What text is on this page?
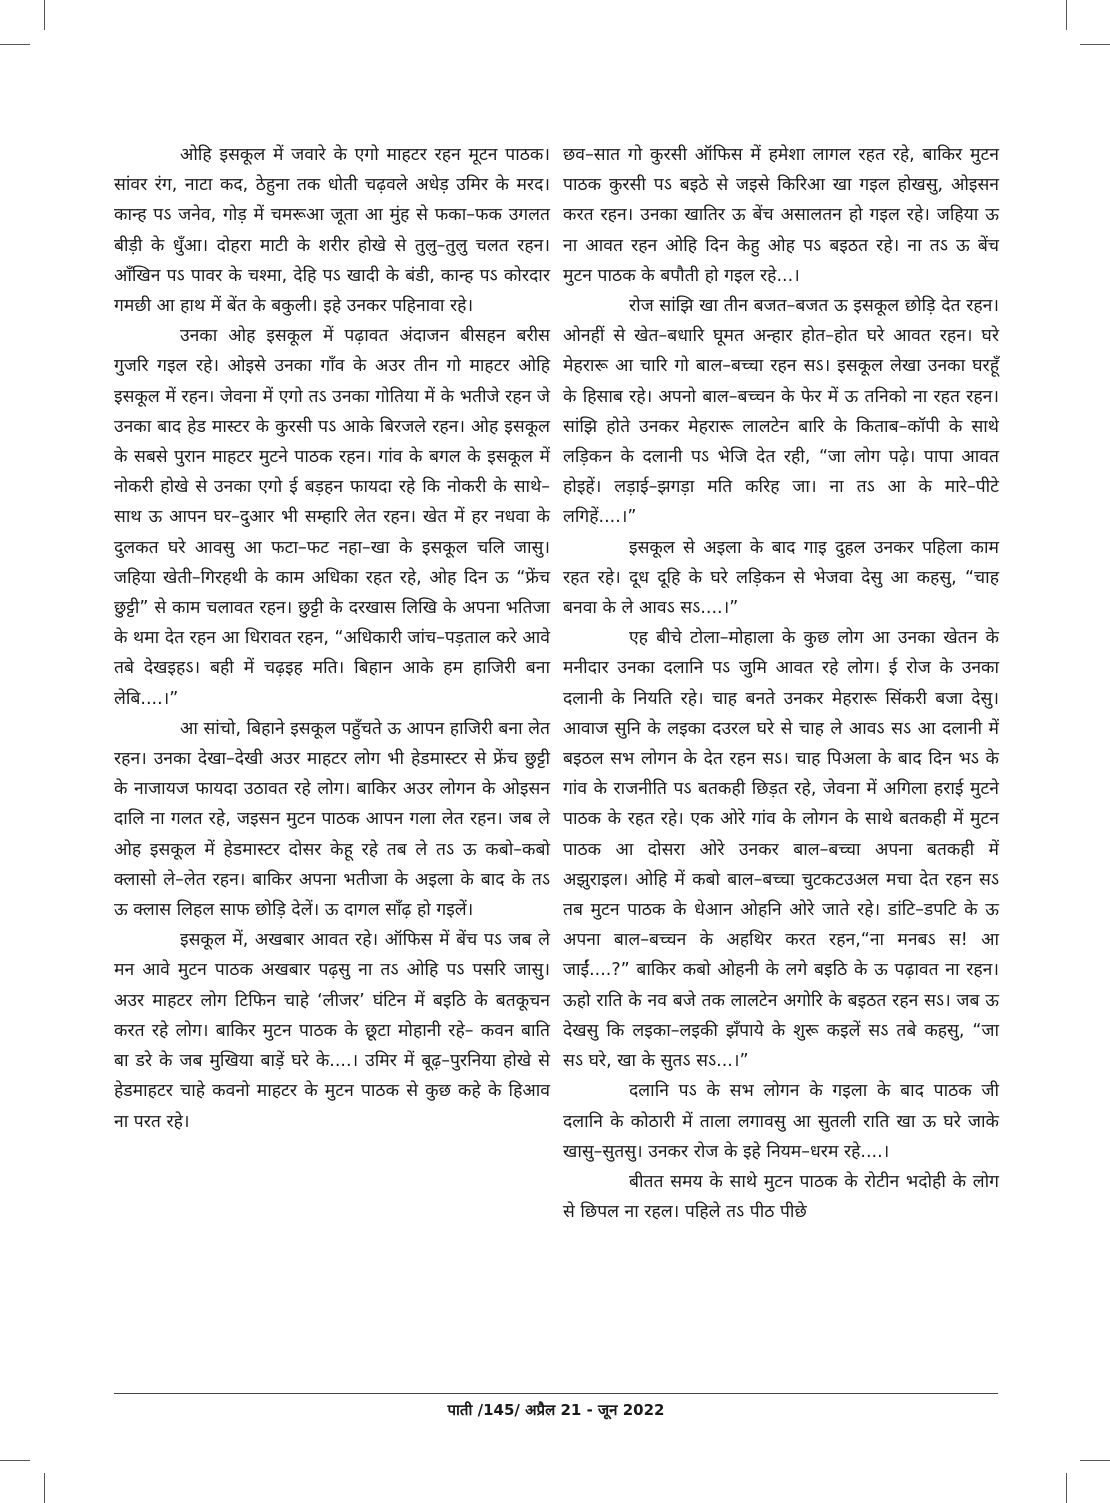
ओहि इसकूल में जवारे के एगो माहटर रहन मूटन पाठक। सांवर रंग, नाटा कद, ठेहुना तक धोती चढ़वले अधेड़ उमिर के मरद। कान्ह पऽ जनेव, गोड़ में चमरूआ जूता आ मुंह से फका–फक उगलत बीड़ी के धुँआ। दोहरा माटी के शरीर होखे से तुलु–तुलु चलत रहन। आँखिन पऽ पावर के चश्मा, देहि पऽ खादी के बंडी, कान्ह पऽ कोरदार गमछी आ हाथ में बेंत के बकुली। इहे उनकर पहिनावा रहे।

उनका ओह इसकूल में पढ़ावत अंदाजन बीसहन बरीस गुजरि गइल रहे। ओइसे उनका गाँव के अउर तीन गो माहटर ओहि इसकूल में रहन। जेवना में एगो तऽ उनका गोतिया में के भतीजे रहन जे उनका बाद हेड मास्टर के कुरसी पऽ आके बिरजले रहन। ओह इसकूल के सबसे पुरान माहटर मुटने पाठक रहन। गांव के बगल के इसकूल में नोकरी होखे से उनका एगो ई बड़हन फायदा रहे कि नोकरी के साथे–साथ ऊ आपन घर–दुआर भी सम्हारि लेत रहन। खेत में हर नधवा के दुलकत घरे आवसु आ फटा–फट नहा–खा के इसकूल चलि जासु। जहिया खेती–गिरहथी के काम अधिका रहत रहे, ओह दिन ऊ “फ्रेंच छुट्टी” से काम चलावत रहन। छुट्टी के दरखास लिखि के अपना भतिजा के थमा देत रहन आ धिरावत रहन, “अधिकारी जांच–पड़ताल करे आवे तबे देखइहऽ। बही में चढ़इह मति। बिहान आके हम हाजिरी बना लेबि....।”

आ सांचो, बिहाने इसकूल पहुँचते ऊ आपन हाजिरी बना लेत रहन। उनका देखा–देखी अउर माहटर लोग भी हेडमास्टर से फ्रेंच छुट्टी के नाजायज फायदा उठावत रहे लोग। बाकिर अउर लोगन के ओइसन दालि ना गलत रहे, जइसन मुटन पाठक आपन गला लेत रहन। जब ले ओह इसकूल में हेडमास्टर दोसर केहू रहे तब ले तऽ ऊ कबो–कबो क्लासो ले–लेत रहन। बाकिर अपना भतीजा के अइला के बाद के तऽ ऊ क्लास लिहल साफ छोड़ि देलें। ऊ दागल साँढ़ हो गइलें।

इसकूल में, अखबार आवत रहे। ऑफिस में बेंच पऽ जब ले मन आवे मुटन पाठक अखबार पढ़सु ना तऽ ओहि पऽ पसरि जासु। अउर माहटर लोग टिफिन चाहे ‘लीजर’ घंटिन में बइठि के बतकूचन करत रहे लोग। बाकिर मुटन पाठक के छूटा मोहानी रहे– कवन बाति बा डरे के जब मुखिया बाड़ें घरे के....। उमिर में बूढ़–पुरनिया होखे से हेडमाहटर चाहे कवनो माहटर के मुटन पाठक से कुछ कहे के हिआव ना परत रहे।

छव–सात गो कुरसी ऑफिस में हमेशा लागल रहत रहे, बाकिर मुटन पाठक कुरसी पऽ बइठे से जइसे किरिआ खा गइल होखसु, ओइसन करत रहन। उनका खातिर ऊ बेंच असालतन हो गइल रहे। जहिया ऊ ना आवत रहन ओहि दिन केहु ओह पऽ बइठत रहे। ना तऽ ऊ बेंच मुटन पाठक के बपौती हो गइल रहे...।

रोज सांझि खा तीन बजत–बजत ऊ इसकूल छोड़ि देत रहन। ओनहीं से खेत–बधारि घूमत अन्हार होत–होत घरे आवत रहन। घरे मेहरारू आ चारि गो बाल–बच्चा रहन सऽ। इसकूल लेखा उनका घरहूँ के हिसाब रहे। अपनो बाल–बच्चन के फेर में ऊ तनिको ना रहत रहन। सांझि होते उनकर मेहरारू लालटेन बारि के किताब–कॉपी के साथे लड़िकन के दलानी पऽ भेजि देत रही, “जा लोग पढ़े। पापा आवत होइहें। लड़ाई–झगड़ा मति करिह जा। ना तऽ आ के मारे–पीटे लगिहें....।”

इसकूल से अइला के बाद गाइ दुहल उनकर पहिला काम रहत रहे। दूध दूहि के घरे लड़िकन से भेजवा देसु आ कहसु, “चाह बनवा के ले आवऽ सऽ....।”

एह बीचे टोला–मोहाला के कुछ लोग आ उनका खेतन के मनीदार उनका दलानि पऽ जुमि आवत रहे लोग। ई रोज के उनका दलानी के नियति रहे। चाह बनते उनकर मेहरारू सिंकरी बजा देसु। आवाज सुनि के लइका दउरल घरे से चाह ले आवऽ सऽ आ दलानी में बइठल सभ लोगन के देत रहन सऽ। चाह पिअला के बाद दिन भऽ के गांव के राजनीति पऽ बतकही छिड़त रहे, जेवना में अगिला हराई मुटने पाठक के रहत रहे। एक ओरे गांव के लोगन के साथे बतकही में मुटन पाठक आ दोसरा ओरे उनकर बाल–बच्चा अपना बतकही में अझुराइल। ओहि में कबो बाल–बच्चा चुटकटउअल मचा देत रहन सऽ तब मुटन पाठक के धेआन ओहनि ओरे जाते रहे। डांटि–डपटि के ऊ अपना बाल–बच्चन के अहथिर करत रहन,“ना मनबऽ स! आ जाईं....?” बाकिर कबो ओहनी के लगे बइठि के ऊ पढ़ावत ना रहन। ऊहो राति के नव बजे तक लालटेन अगोरि के बइठत रहन सऽ। जब ऊ देखसु कि लइका–लइकी झँपाये के शुरू कइलें सऽ तबे कहसु, “जा सऽ घरे, खा के सुतऽ सऽ...।”

दलानि पऽ के सभ लोगन के गइला के बाद पाठक जी दलानि के कोठारी में ताला लगावसु आ सुतली राति खा ऊ घरे जाके खासु–सुतसु। उनकर रोज के इहे नियम–धरम रहे....।

बीतत समय के साथे मुटन पाठक के रोटीन भदोही के लोग से छिपल ना रहल। पहिले तऽ पीठ पीछे

पाती /145/ अप्रैल 21 - जून 2022
